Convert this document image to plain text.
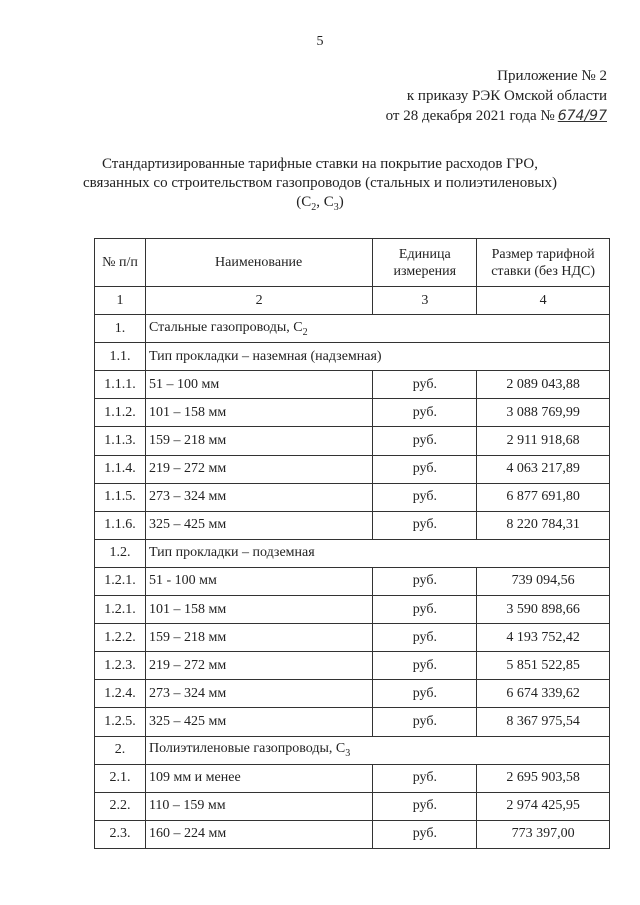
5
Приложение № 2
к приказу РЭК Омской области
от 28 декабря 2021 года № 674/97
Стандартизированные тарифные ставки на покрытие расходов ГРО,
связанных со строительством газопроводов (стальных и полиэтиленовых)
($С_2$, $С_3$)
№ п/п	Наименование	Единица измерения	Размер тарифной ставки (без НДС)
1	2	3	4
1.	Стальные газопроводы, $С_2$
1.1.	Тип прокладки – наземная (надземная)		
1.1.1.	51 – 100 мм	руб.	2 089 043,88
1.1.2.	101 – 158 мм	руб.	3 088 769,99
1.1.3.	159 – 218 мм	руб.	2 911 918,68
1.1.4.	219 – 272 мм	руб.	4 063 217,89
1.1.5.	273 – 324 мм	руб.	6 877 691,80
1.1.6.	325 – 425 мм	руб.	8 220 784,31
1.2.	Тип прокладки – подземная		
1.2.1.	51 - 100 мм	руб.	739 094,56
1.2.1.	101 – 158 мм	руб.	3 590 898,66
1.2.2.	159 – 218 мм	руб.	4 193 752,42
1.2.3.	219 – 272 мм	руб.	5 851 522,85
1.2.4.	273 – 324 мм	руб.	6 674 339,62
1.2.5.	325 – 425 мм	руб.	8 367 975,54
2.	Полиэтиленовые газопроводы, $С_3$
2.1.	109 мм и менее	руб.	2 695 903,58
2.2.	110 – 159 мм	руб.	2 974 425,95
2.3.	160 – 224 мм	руб.	773 397,00
